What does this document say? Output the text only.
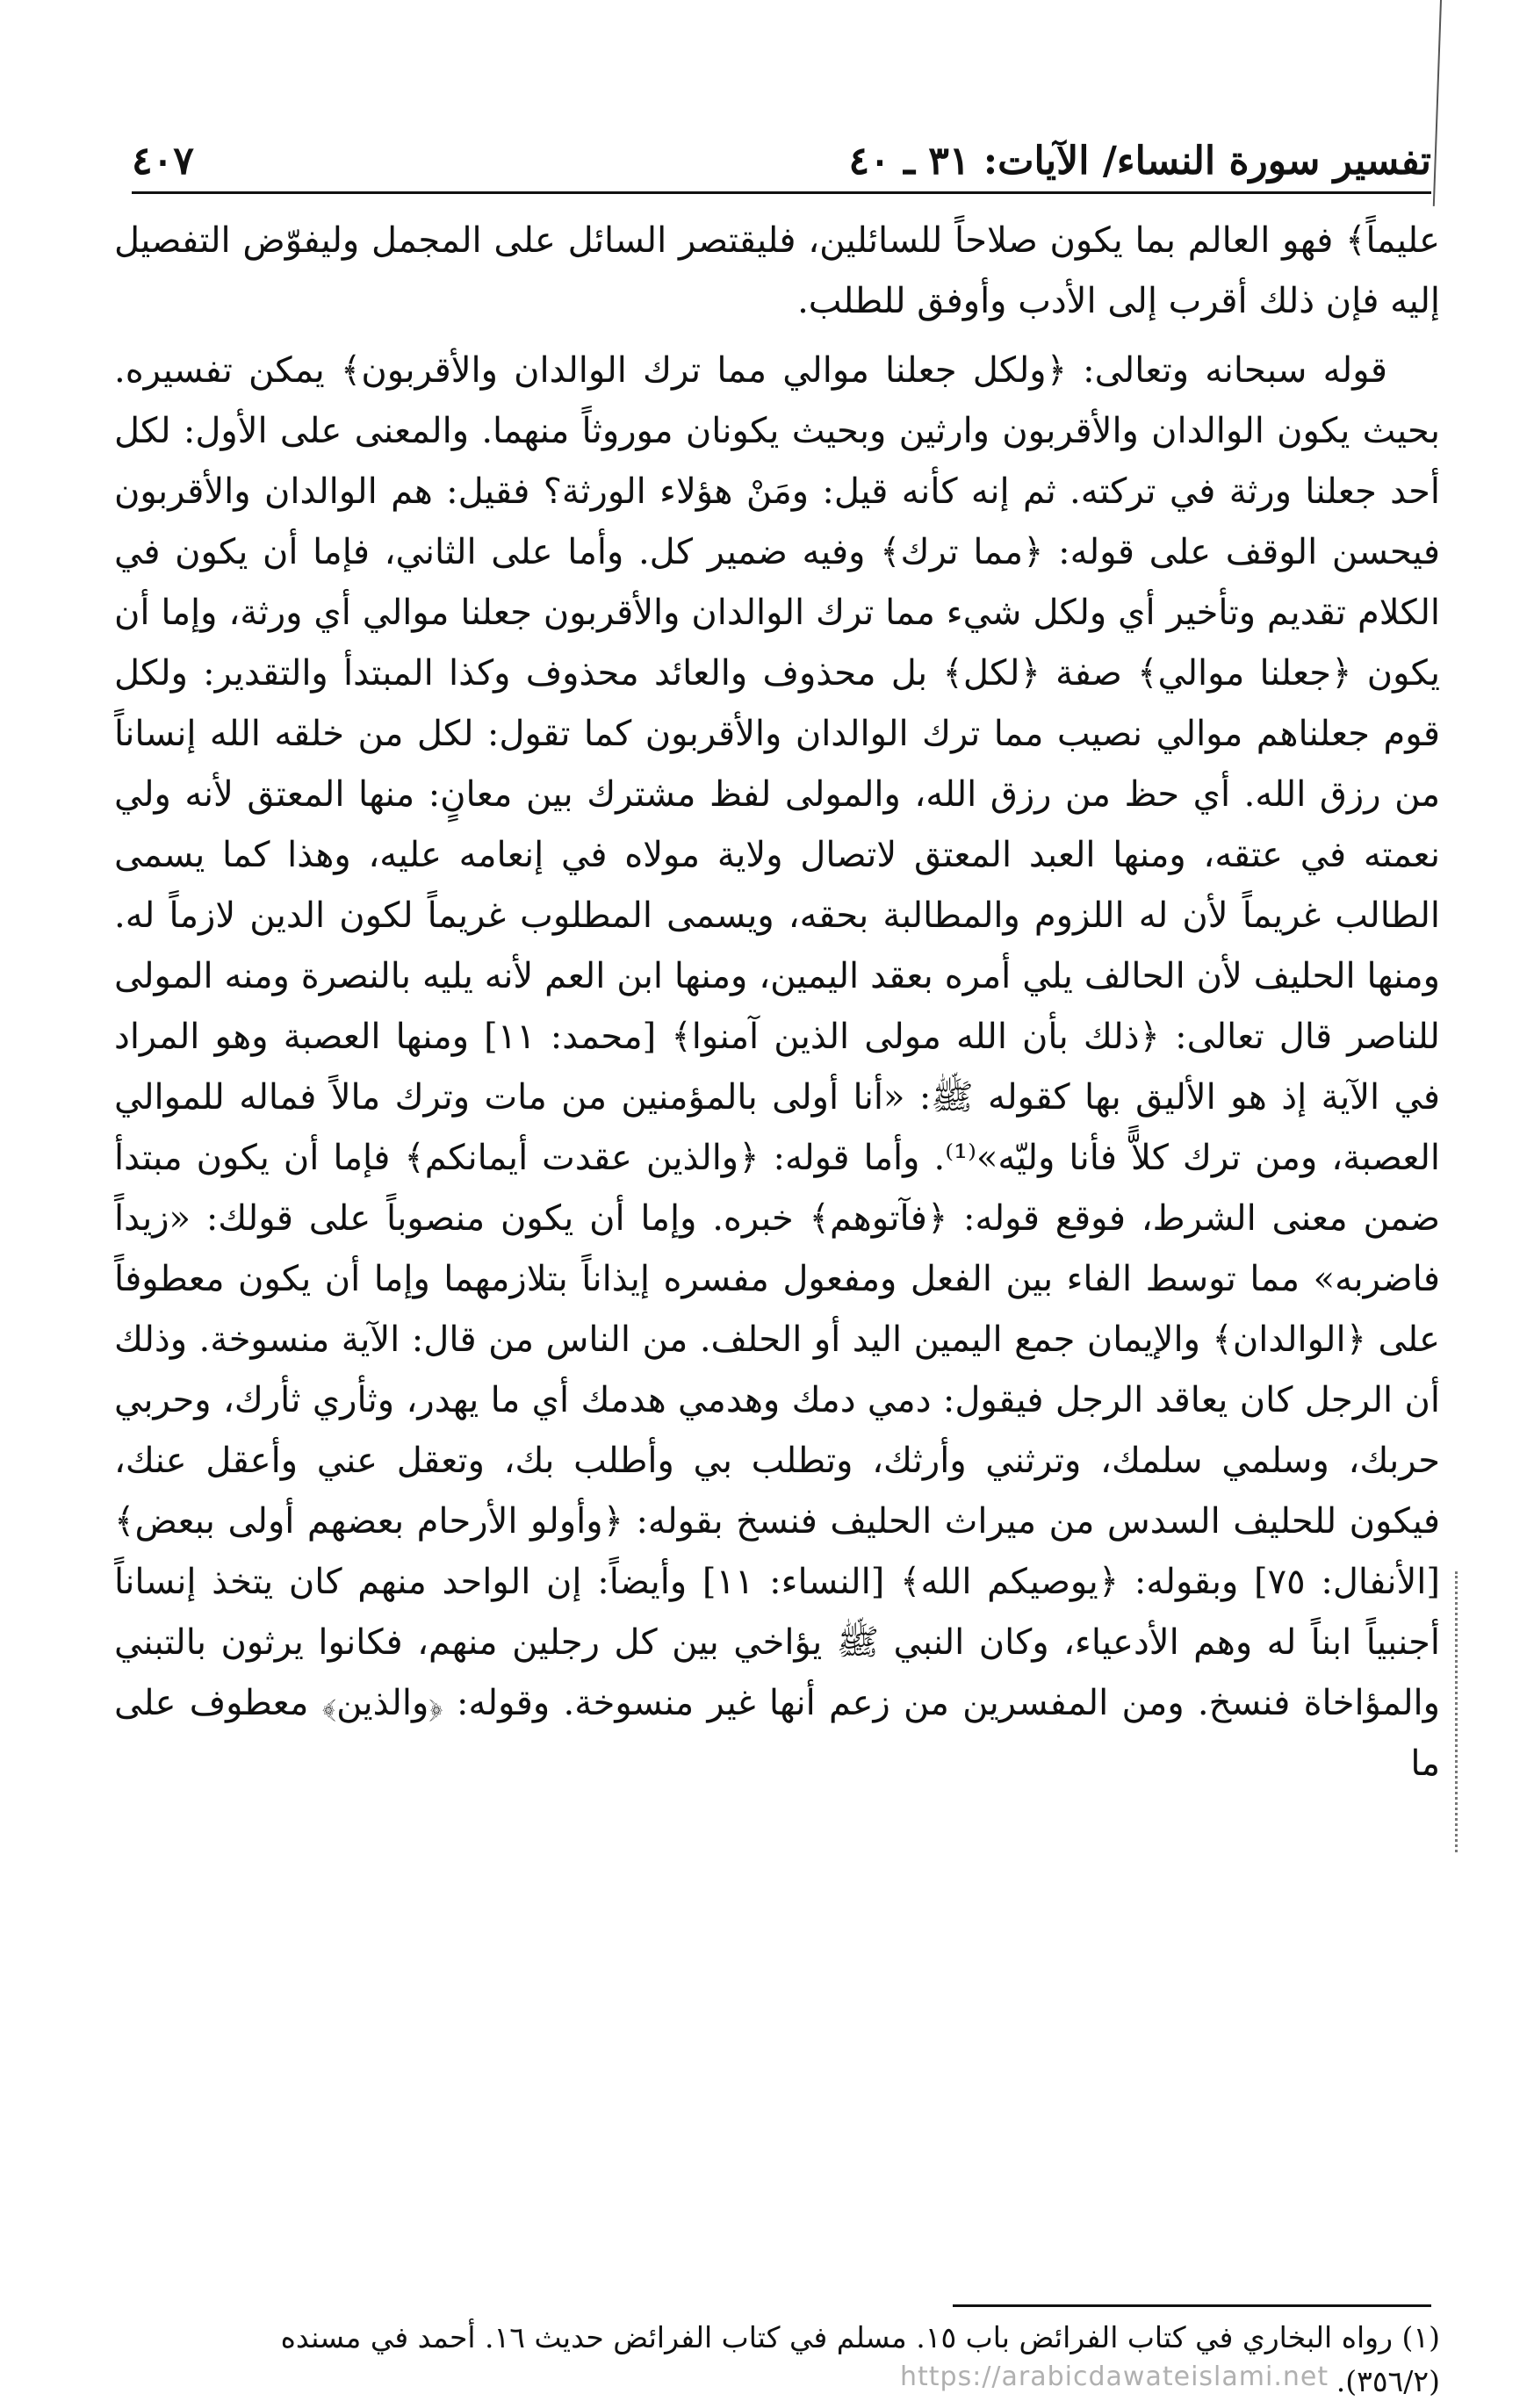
٤٠٧	تفسير سورة النساء/ الآيات: ٣١ ـ ٤٠

عليماً﴾ فهو العالم بما يكون صلاحاً للسائلين، فليقتصر السائل على المجمل وليفوّض التفصيل إليه فإن ذلك أقرب إلى الأدب وأوفق للطلب.

قوله سبحانه وتعالى: ﴿ولكل جعلنا موالي مما ترك الوالدان والأقربون﴾ يمكن تفسيره. بحيث يكون الوالدان والأقربون وارثين وبحيث يكونان موروثاً منهما. والمعنى على الأول: لكل أحد جعلنا ورثة في تركته. ثم إنه كأنه قيل: ومَنْ هؤلاء الورثة؟ فقيل: هم الوالدان والأقربون فيحسن الوقف على قوله: ﴿مما ترك﴾ وفيه ضمير كل. وأما على الثاني، فإما أن يكون في الكلام تقديم وتأخير أي ولكل شيء مما ترك الوالدان والأقربون جعلنا موالي أي ورثة، وإما أن يكون ﴿جعلنا موالي﴾ صفة ﴿لكل﴾ بل محذوف والعائد محذوف وكذا المبتدأ والتقدير: ولكل قوم جعلناهم موالي نصيب مما ترك الوالدان والأقربون كما تقول: لكل من خلقه الله إنساناً من رزق الله. أي حظ من رزق الله، والمولى لفظ مشترك بين معانٍ: منها المعتق لأنه ولي نعمته في عتقه، ومنها العبد المعتق لاتصال ولاية مولاه في إنعامه عليه، وهذا كما يسمى الطالب غريماً لأن له اللزوم والمطالبة بحقه، ويسمى المطلوب غريماً لكون الدين لازماً له. ومنها الحليف لأن الحالف يلي أمره بعقد اليمين، ومنها ابن العم لأنه يليه بالنصرة ومنه المولى للناصر قال تعالى: ﴿ذلك بأن الله مولى الذين آمنوا﴾ [محمد: ١١] ومنها العصبة وهو المراد في الآية إذ هو الأليق بها كقوله ﷺ: «أنا أولى بالمؤمنين من مات وترك مالاً فماله للموالي العصبة، ومن ترك كلاًّ فأنا وليّه»⁽¹⁾. وأما قوله: ﴿والذين عقدت أيمانكم﴾ فإما أن يكون مبتدأ ضمن معنى الشرط، فوقع قوله: ﴿فآتوهم﴾ خبره. وإما أن يكون منصوباً على قولك: «زيداً فاضربه» مما توسط الفاء بين الفعل ومفعول مفسره إيذاناً بتلازمهما وإما أن يكون معطوفاً على ﴿الوالدان﴾ والإيمان جمع اليمين اليد أو الحلف. من الناس من قال: الآية منسوخة. وذلك أن الرجل كان يعاقد الرجل فيقول: دمي دمك وهدمي هدمك أي ما يهدر، وثأري ثأرك، وحربي حربك، وسلمي سلمك، وترثني وأرثك، وتطلب بي وأطلب بك، وتعقل عني وأعقل عنك، فيكون للحليف السدس من ميراث الحليف فنسخ بقوله: ﴿وأولو الأرحام بعضهم أولى ببعض﴾ [الأنفال: ٧٥] وبقوله: ﴿يوصيكم الله﴾ [النساء: ١١] وأيضاً: إن الواحد منهم كان يتخذ إنساناً أجنبياً ابناً له وهم الأدعياء، وكان النبي ﷺ يؤاخي بين كل رجلين منهم، فكانوا يرثون بالتبني والمؤاخاة فنسخ. ومن المفسرين من زعم أنها غير منسوخة. وقوله: ﴿والذين﴾ معطوف على ما

(١) رواه البخاري في كتاب الفرائض باب ١٥. مسلم في كتاب الفرائض حديث ١٦. أحمد في مسنده

(٣٥٦/٢).

https://arabicdawateislami.net
